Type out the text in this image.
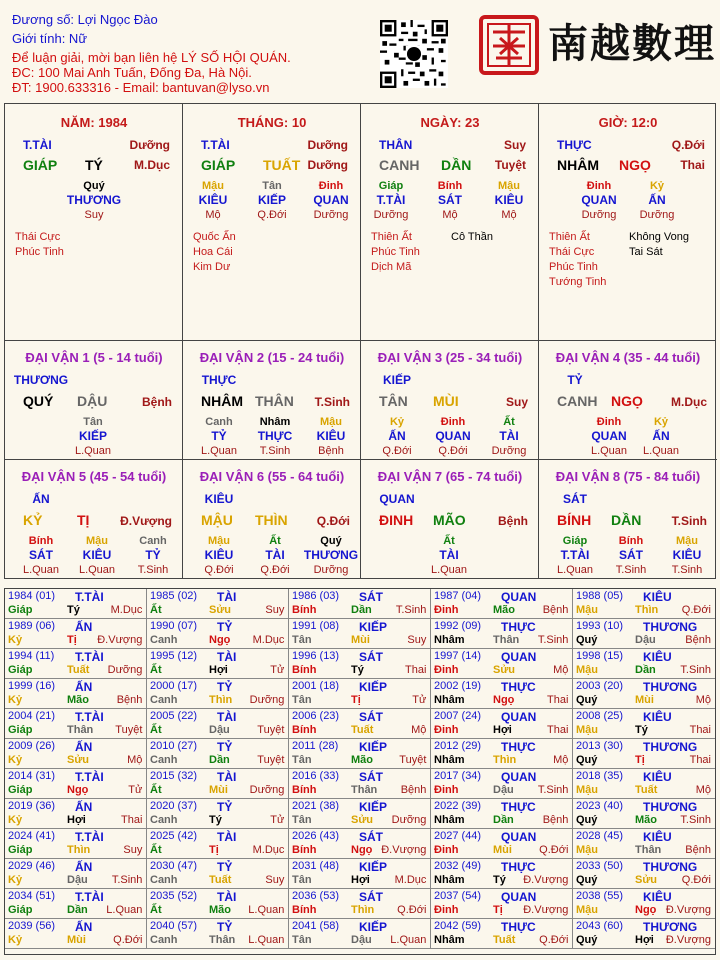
Đương số: Lợi Ngọc Đào
Giới tính: Nữ
Để luận giải, mời bạn liên hệ LÝ SỐ HỘI QUÁN.
ĐC: 100 Mai Anh Tuấn, Đống Đa, Hà Nội.
ĐT: 1900.633316 - Email: bantuvan@lyso.vn
南越數理
NĂM: 1984
T.TÀI	Dưỡng
GIÁP TÝ	M.Dục
Quý
THƯƠNG
Suy
Thái Cực
Phúc Tinh
THÁNG: 10
T.TÀI	Dưỡng
GIÁP TUẤT Dưỡng
Mậu
KIÊU
Mộ
Tân
KIẾP
Q.Đới
Đinh
QUAN
Dưỡng
Quốc Ấn
Hoa Cái
Kim Dư
NGÀY: 23
THÂN	Suy
CANH DẦN Tuyệt
Giáp
T.TÀI
Dưỡng
Bính
SÁT
Mộ
Mậu
KIÊU
Mộ
Thiên Ất
Phúc Tinh
Dịch Mã
Cô Thần
GIỜ: 12:0
THỰC	Q.Đới
NHÂM NGỌ Thai
Đinh
QUAN
Dưỡng
Kỷ
ẤN
Dưỡng
Thiên Ất
Thái Cực
Phúc Tinh
Tướng Tinh
Không Vong
Tai Sát
ĐẠI VẬN 1 (5 - 14 tuổi)
THƯƠNG
QUÝ DẬU	Bệnh
Tân
KIẾP
L.Quan
ĐẠI VẬN 2 (15 - 24 tuổi)
THỰC
NHÂM THÂN T.Sinh
Canh
TỶ
L.Quan
Nhâm
THỰC
T.Sinh
Mậu
KIÊU
Bệnh
ĐẠI VẬN 3 (25 - 34 tuổi)
KIẾP
TÂN MÙI	Suy
Kỷ
ẤN
Q.Đới
Đinh
QUAN
Q.Đới
Ất
TÀI
Dưỡng
ĐẠI VẬN 4 (35 - 44 tuổi)
TỶ
CANH NGỌ M.Dục
Đinh
QUAN
L.Quan
Kỷ
ẤN
L.Quan
ĐẠI VẬN 5 (45 - 54 tuổi)
ẤN
KỶ TỊ	Đ.Vượng
Bính
SÁT
L.Quan
Mậu
KIÊU
L.Quan
Canh
TỶ
T.Sinh
ĐẠI VẬN 6 (55 - 64 tuổi)
KIÊU
MẬU THÌN Q.Đới
Mậu
KIÊU
Q.Đới
Ất
TÀI
Q.Đới
Quý
THƯƠNG
Dưỡng
ĐẠI VẬN 7 (65 - 74 tuổi)
QUAN
ĐINH MÃO	Bệnh
Ất
TÀI
L.Quan
ĐẠI VẬN 8 (75 - 84 tuổi)
SÁT
BÍNH DẦN	T.Sinh
Giáp
T.TÀI
L.Quan
Bính
SÁT
T.Sinh
Mậu
KIÊU
T.Sinh
1984 (01) T.TÀI
Giáp	Tý	M.Dục
1985 (02) TÀI
Ất	Sửu	Suy
1986 (03) SÁT
Bính	Dần T.Sinh
1987 (04) QUAN
Đinh	Mão	Bệnh
1988 (05) KIÊU
Mậu	Thìn Q.Đới
1989 (06) ẤN
Kỷ	Tị Đ.Vượng
1990 (07) TỶ
Canh	Ngọ M.Dục
1991 (08) KIẾP
Tân	Mùi	Suy
1992 (09) THỰC
Nhâm	Thân T.Sinh
1993 (10) THƯƠNG
Quý	Dậu	Bệnh
1994 (11) T.TÀI
Giáp	Tuất Dưỡng
1995 (12) TÀI
Ất	Hợi	Tử
1996 (13) SÁT
Bính	Tý	Thai
1997 (14) QUAN
Đinh	Sửu	Mộ
1998 (15) KIÊU
Mậu	Dần T.Sinh
1999 (16) ẤN
Kỷ	Mão	Bệnh
2000 (17) TỶ
Canh	Thìn Dưỡng
2001 (18) KIẾP
Tân	Tị	Tử
2002 (19) THỰC
Nhâm	Ngọ	Thai
2003 (20) THƯƠNG
Quý	Mùi	Mộ
2004 (21) T.TÀI
Giáp	Thân Tuyệt
2005 (22) TÀI
Ất	Dậu	Tuyệt
2006 (23) SÁT
Bính	Tuất	Mộ
2007 (24) QUAN
Đinh	Hợi	Thai
2008 (25) KIÊU
Mậu	Tý	Thai
2009 (26) ẤN
Kỷ	Sửu	Mộ
2010 (27) TỶ
Canh	Dần	Tuyệt
2011 (28) KIẾP
Tân	Mão Tuyệt
2012 (29) THỰC
Nhâm	Thìn	Mộ
2013 (30) THƯƠNG
Quý	Tị	Thai
2014 (31) T.TÀI
Giáp	Ngọ	Tử
2015 (32) TÀI
Ất	Mùi Dưỡng
2016 (33) SÁT
Bính	Thân Bệnh
2017 (34) QUAN
Đinh	Dậu T.Sinh
2018 (35) KIÊU
Mậu	Tuất	Mộ
2019 (36) ẤN
Kỷ	Hợi	Thai
2020 (37) TỶ
Canh	Tý	Tử
2021 (38) KIẾP
Tân	Sửu Dưỡng
2022 (39) THỰC
Nhâm	Dần	Bệnh
2023 (40) THƯƠNG
Quý	Mão T.Sinh
2024 (41) T.TÀI
Giáp	Thìn	Suy
2025 (42) TÀI
Ất	Tị	M.Dục
2026 (43) SÁT
Bính	Ngọ Đ.Vượng
2027 (44) QUAN
Đinh	Mùi Q.Đới
2028 (45) KIÊU
Mậu	Thân Bệnh
2029 (46) ẤN
Kỷ	Dậu T.Sinh
2030 (47) TỶ
Canh	Tuất	Suy
2031 (48) KIẾP
Tân	Hợi M.Dục
2032 (49) THỰC
Nhâm	Tý Đ.Vượng
2033 (50) THƯƠNG
Quý	Sửu Q.Đới
2034 (51) T.TÀI
Giáp	Dần L.Quan
2035 (52) TÀI
Ất	Mão L.Quan
2036 (53) SÁT
Bính	Thìn Q.Đới
2037 (54) QUAN
Đinh	Tị Đ.Vượng
2038 (55) KIÊU
Mậu	Ngọ Đ.Vượng
2039 (56) ẤN
Kỷ	Mùi Q.Đới
2040 (57) TỶ
Canh	Thân L.Quan
2041 (58) KIẾP
Tân	Dậu L.Quan
2042 (59) THỰC
Nhâm	Tuất Q.Đới
2043 (60) THƯƠNG
Quý	Hợi Đ.Vượng
